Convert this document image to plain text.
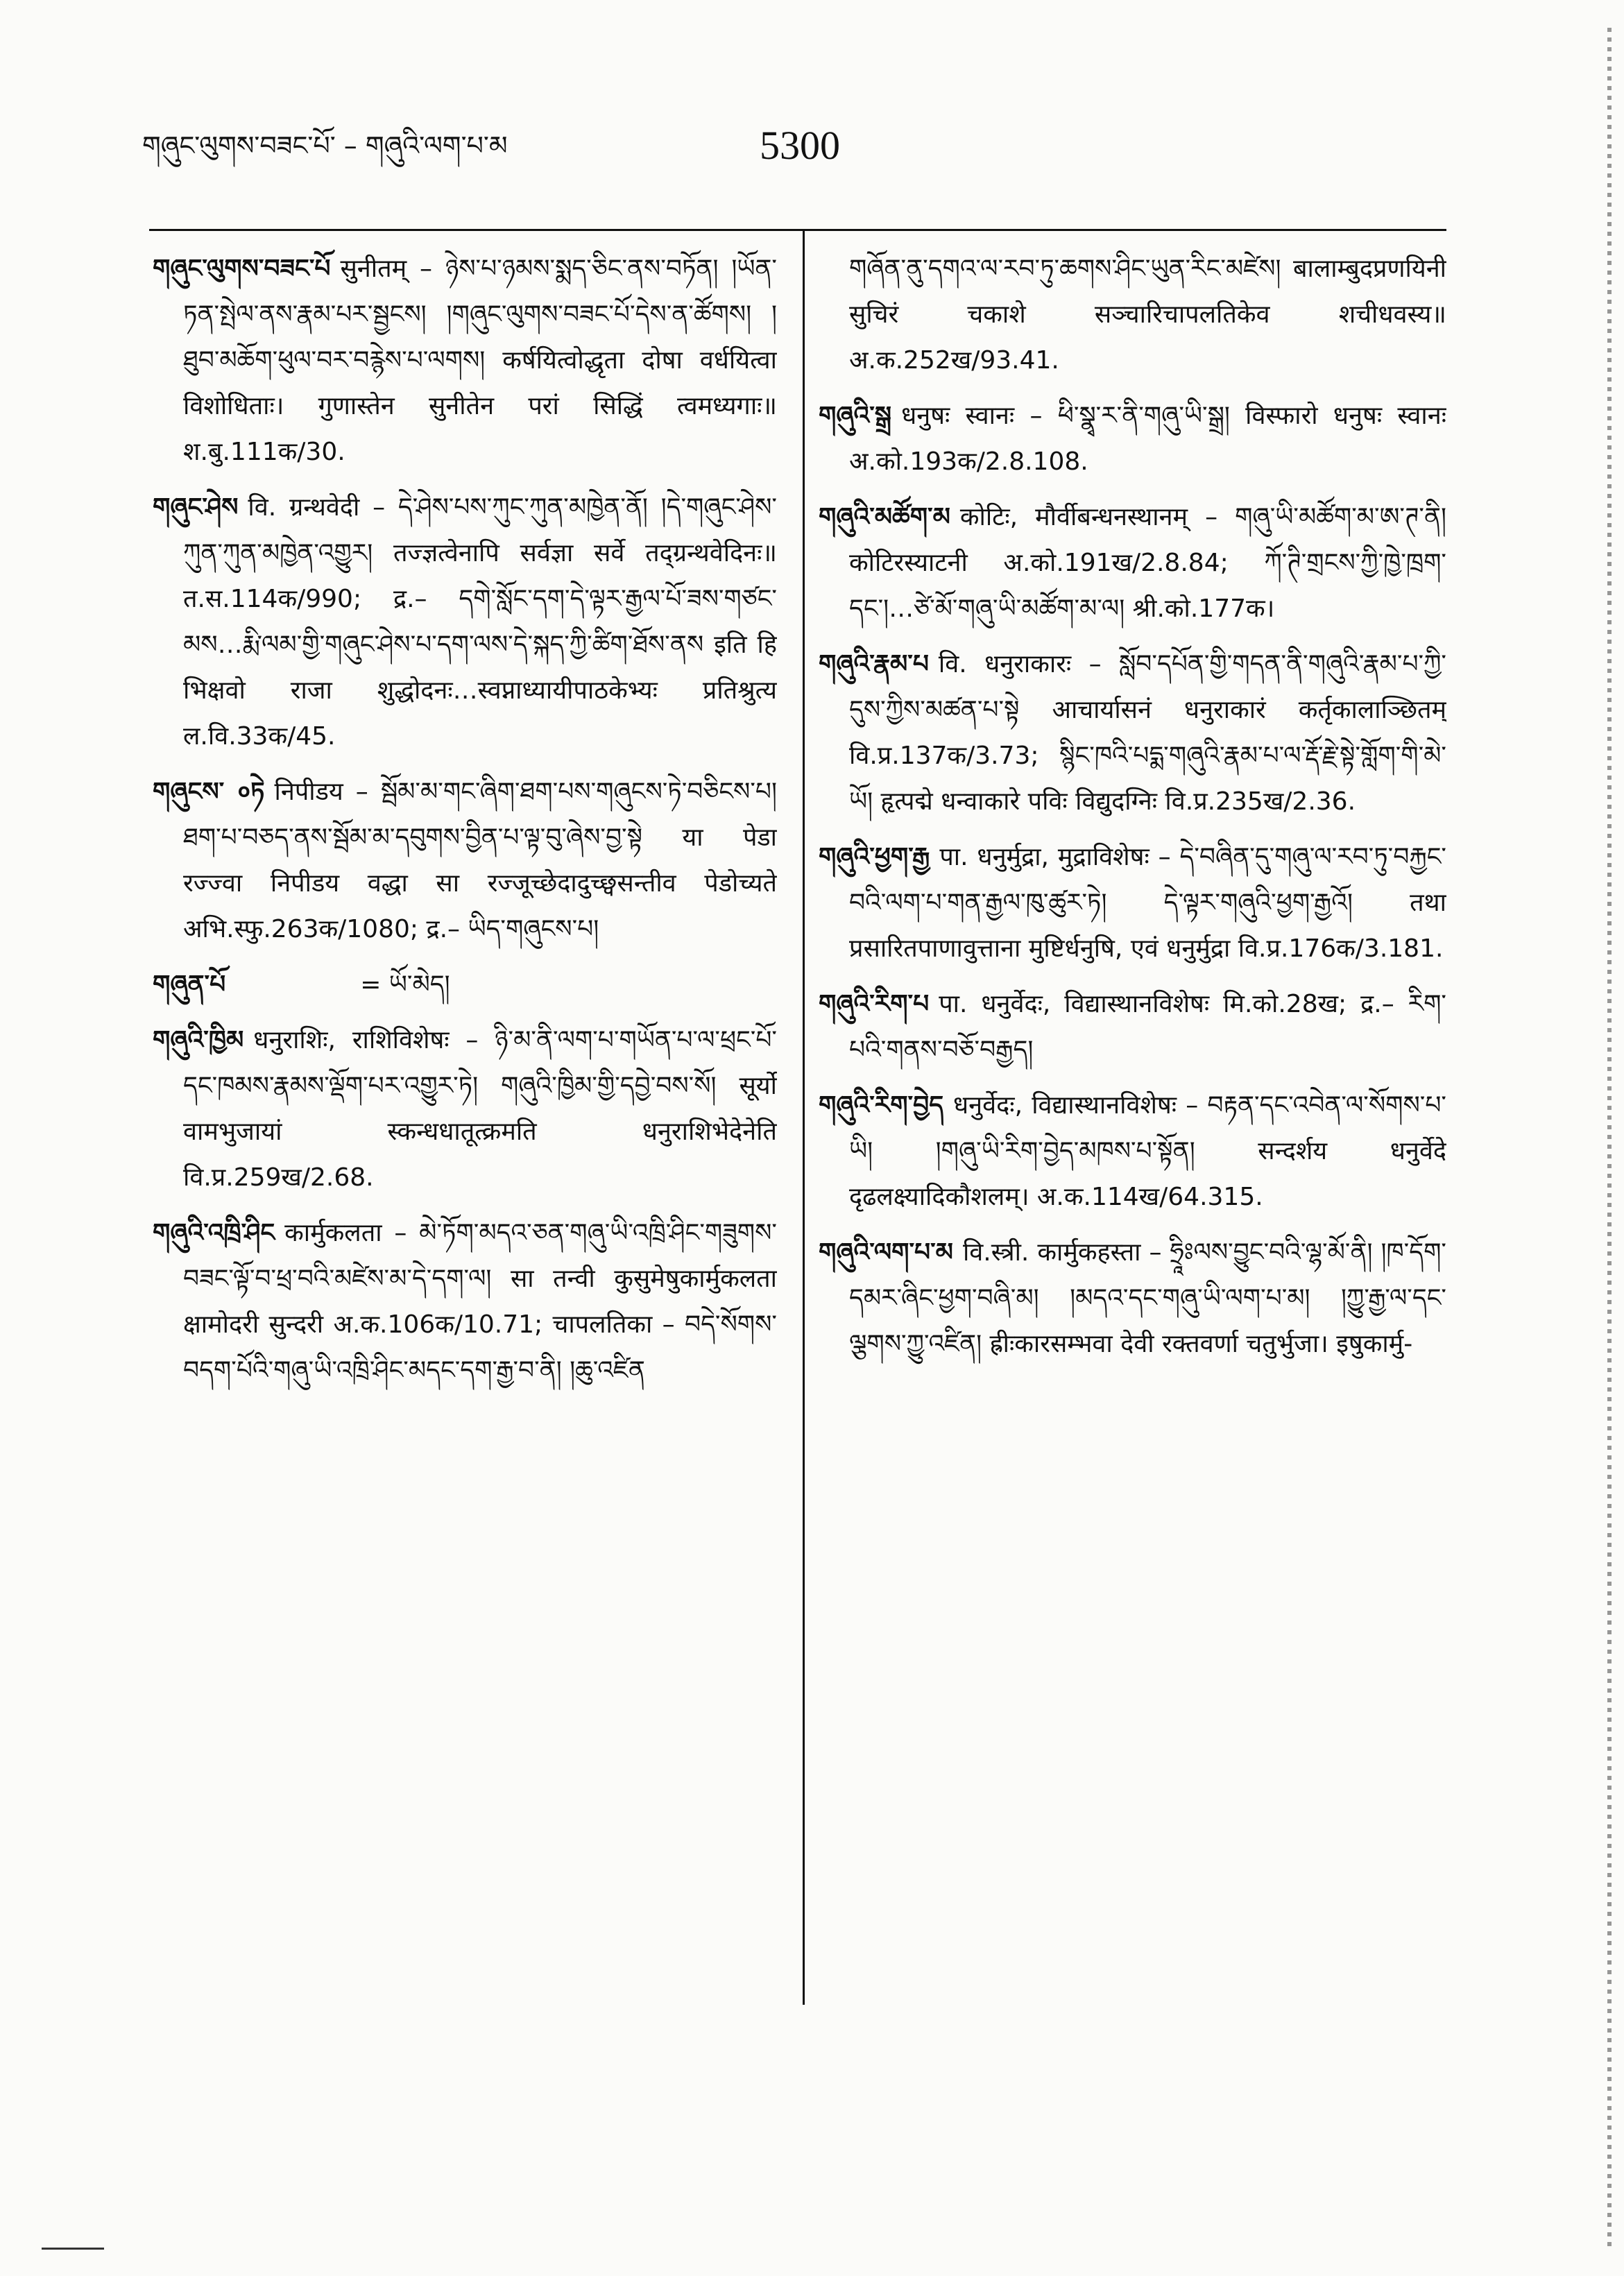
གཞུང་ལུགས་བཟང་པོ་ – གཞུའི་ལག་པ་མ	5300

གཞུང་ལུགས་བཟང་པོ सुनीतम् – ཉེས་པ་ཉམས་སྨད་ཅིང་ནས་བཏོན། །ཡོན་ཏན་སྤེལ་ནས་རྣམ་པར་སྦྱངས། །གཞུང་ལུགས་བཟང་པོ་དེས་ན་ཚོགས། །ཐུབ་མཆོག་ཕུལ་བར་བརྙེས་པ་ལགས། कर्षयित्वोद्धृता दोषा वर्धयित्वा विशोधिताः। गुणास्तेन सुनीतेन परां सिद्धिं त्वमध्यगाः॥ श.बु.111क/30.

གཞུང་ཤེས वि. ग्रन्थवेदी – དེ་ཤེས་པས་ཀུང་ཀུན་མཁྱེན་ནོ། །དེ་གཞུང་ཤེས་ཀུན་ཀུན་མཁྱེན་འགྱུར། तज्ज्ञत्वेनापि सर्वज्ञा सर्वे तद्ग्रन्थवेदिनः॥ त.स.114क/990; द्र.– དགེ་སློང་དག་དེ་ལྟར་རྒྱལ་པོ་ཟས་གཙང་མས…རྨི་ལམ་གྱི་གཞུང་ཤེས་པ་དག་ལས་དེ་སྐད་ཀྱི་ཚིག་ཐོས་ནས इति हि भिक्षवो राजा शुद्धोदनः…स्वप्नाध्यायीपाठकेभ्यः प्रतिश्रुत्य ल.वि.33क/45.

གཞུངས་ ०ཏེ निपीडय – སྦོམ་མ་གང་ཞིག་ཐག་པས་གཞུངས་ཏེ་བཅིངས་པ། ཐག་པ་བཅད་ནས་སྦོམ་མ་དབུགས་བྱིན་པ་ལྟ་བུ་ཞེས་བྱ་སྟེ या पेडा रज्ज्वा निपीडय वद्धा सा रज्जूच्छेदादुच्छ्वसन्तीव पेडोच्यते अभि.स्फु.263क/1080; द्र.– ཡིད་གཞུངས་པ།

གཞུན་པོ	= ཡོ་མེད།

གཞུའི་ཁྱིམ धनुराशिः, राशिविशेषः – ཉི་མ་ནི་ལག་པ་གཡོན་པ་ལ་ཕྲང་པོ་དང་ཁམས་རྣམས་ལྡོག་པར་འགྱུར་ཏེ། གཞུའི་ཁྱིམ་གྱི་དབྱེ་བས་སོ། सूर्यो वामभुजायां स्कन्धधातूत्क्रमति धनुराशिभेदेनेति वि.प्र.259ख/2.68.

གཞུའི་འཁྲི་ཤིང कार्मुकलता – མེ་ཏོག་མདའ་ཅན་གཞུ་ཡི་འཁྲི་ཤིང་གཟུགས་བཟང་ལྟོ་བ་ཕྲ་བའི་མཛེས་མ་དེ་དག་ལ། सा तन्वी कुसुमेषुकार्मुकलता क्षामोदरी सुन्दरी अ.क.106क/10.71; चापलतिका – བདེ་སོགས་བདག་པོའི་གཞུ་ཡི་འཁྲི་ཤིང་མདང་དག་རྒྱ་བ་ནི། །ཆུ་འཛིན

གཞོན་ནུ་དགའ་ལ་རབ་ཏུ་ཆགས་ཤིང་ཡུན་རིང་མཛེས། बालाम्बुदप्रणयिनी सुचिरं चकाशे सञ्चारिचापलतिकेव शचीधवस्य॥ अ.क.252ख/93.41.

གཞུའི་སྒྲ धनुषः स्वानः – ཕི་སྣྭ་ར་ནི་གཞུ་ཡི་སྒྲ། विस्फारो धनुषः स्वानः अ.को.193क/2.8.108.

གཞུའི་མཚོག་མ कोटिः, मौर्वीबन्धनस्थानम् – གཞུ་ཡི་མཚོག་མ་ཨ་ཊ་ནི། कोटिरस्याटनी अ.को.191ख/2.8.84; ཀོ་ཊི་གྲངས་ཀྱི་ཁྱེ་ཁྲག་དང་།…ཙེ་མོ་གཞུ་ཡི་མཚོག་མ་ལ། श्री.को.177क।

གཞུའི་རྣམ་པ वि. धनुराकारः – སློབ་དཔོན་གྱི་གདན་ནི་གཞུའི་རྣམ་པ་ཀྱི་དུས་ཀྱིས་མཚན་པ་སྟེ आचार्यासनं धनुराकारं कर्तृकालाञ्छितम् वि.प्र.137क/3.73; སྙིང་ཁའི་པདྨ་གཞུའི་རྣམ་པ་ལ་རྡོ་རྗེ་སྟེ་གློག་གི་མེ་ཡོ། हृत्पद्मे धन्वाकारे पविः विद्युदग्निः वि.प्र.235ख/2.36.

གཞུའི་ཕྱག་རྒྱ पा. धनुर्मुद्रा, मुद्राविशेषः – དེ་བཞིན་དུ་གཞུ་ལ་རབ་ཏུ་བརྐྱང་བའི་ལག་པ་གན་རྒྱལ་ཁུ་ཚུར་ཏེ། དེ་ལྟར་གཞུའི་ཕྱག་རྒྱའོ། तथा प्रसारितपाणावुत्ताना मुष्टिर्धनुषि, एवं धनुर्मुद्रा वि.प्र.176क/3.181.

གཞུའི་རིག་པ पा. धनुर्वेदः, विद्यास्थानविशेषः मि.को.28ख; द्र.– རིག་པའི་གནས་བཅོ་བརྒྱད།

གཞུའི་རིག་བྱེད धनुर्वेदः, विद्यास्थानविशेषः – བརྟན་དང་འབེན་ལ་སོགས་པ་ཡི། །གཞུ་ཡི་རིག་བྱེད་མཁས་པ་སྟོན། सन्दर्शय धनुर्वेदे दृढलक्ष्यादिकौशलम्। अ.क.114ख/64.315.

གཞུའི་ལག་པ་མ वि.स्त्री. कार्मुकहस्ता – ཧྲཱིཿལས་བྱུང་བའི་ལྷ་མོ་ནི། །ཁ་དོག་དམར་ཞིང་ཕྱག་བཞི་མ། །མདའ་དང་གཞུ་ཡི་ལག་པ་མ། །ཀྱུ་རྒྱ་ལ་དང་ལྕགས་ཀྱུ་འཛིན། ह्रीःकारसम्भवा देवी रक्तवर्णा चतुर्भुजा। इषुकार्मु-
